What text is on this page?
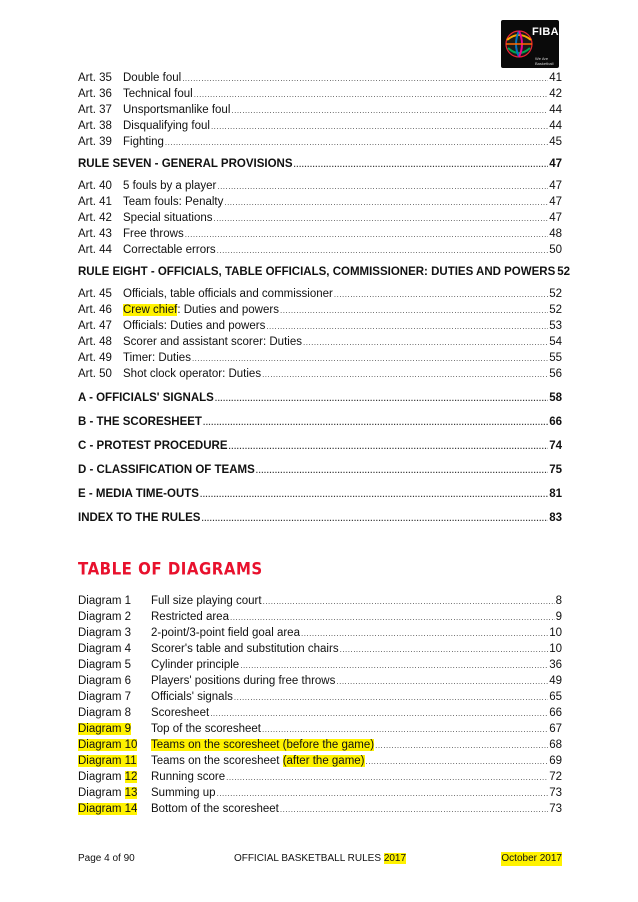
FIBA
We Are Basketball
Art. 35 Double foul .....	41
Art. 36 Technical foul .....	42
Art. 37 Unsportsmanlike foul .....	44
Art. 38 Disqualifying foul .....	44
Art. 39 Fighting .....	45
RULE SEVEN - GENERAL PROVISIONS .....	47
Art. 40 5 fouls by a player .....	47
Art. 41 Team fouls: Penalty .....	47
Art. 42 Special situations .....	47
Art. 43 Free throws .....	48
Art. 44 Correctable errors .....	50
RULE EIGHT - OFFICIALS, TABLE OFFICIALS, COMMISSIONER: DUTIES AND POWERS 52
Art. 45 Officials, table officials and commissioner .....	52
Art. 46 Crew chief: Duties and powers .....	52
Art. 47 Officials: Duties and powers .....	53
Art. 48 Scorer and assistant scorer: Duties .....	54
Art. 49 Timer: Duties .....	55
Art. 50 Shot clock operator: Duties .....	56
A - OFFICIALS' SIGNALS .....	58
B - THE SCORESHEET .....	66
C - PROTEST PROCEDURE .....	74
D - CLASSIFICATION OF TEAMS .....	75
E - MEDIA TIME-OUTS .....	81
INDEX TO THE RULES .....	83
TABLE OF DIAGRAMS
Diagram 1	Full size playing court .....	8
Diagram 2	Restricted area .....	9
Diagram 3	2-point/3-point field goal area .....	10
Diagram 4	Scorer's table and substitution chairs .....	10
Diagram 5	Cylinder principle .....	36
Diagram 6	Players' positions during free throws .....	49
Diagram 7	Officials' signals .....	65
Diagram 8	Scoresheet .....	66
Diagram 9	Top of the scoresheet .....	67
Diagram 10	Teams on the scoresheet (before the game) .....	68
Diagram 11	Teams on the scoresheet (after the game) .....	69
Diagram 12	Running score .....	72
Diagram 13	Summing up .....	73
Diagram 14	Bottom of the scoresheet .....	73
Page 4 of 90	OFFICIAL BASKETBALL RULES 2017	October 2017
